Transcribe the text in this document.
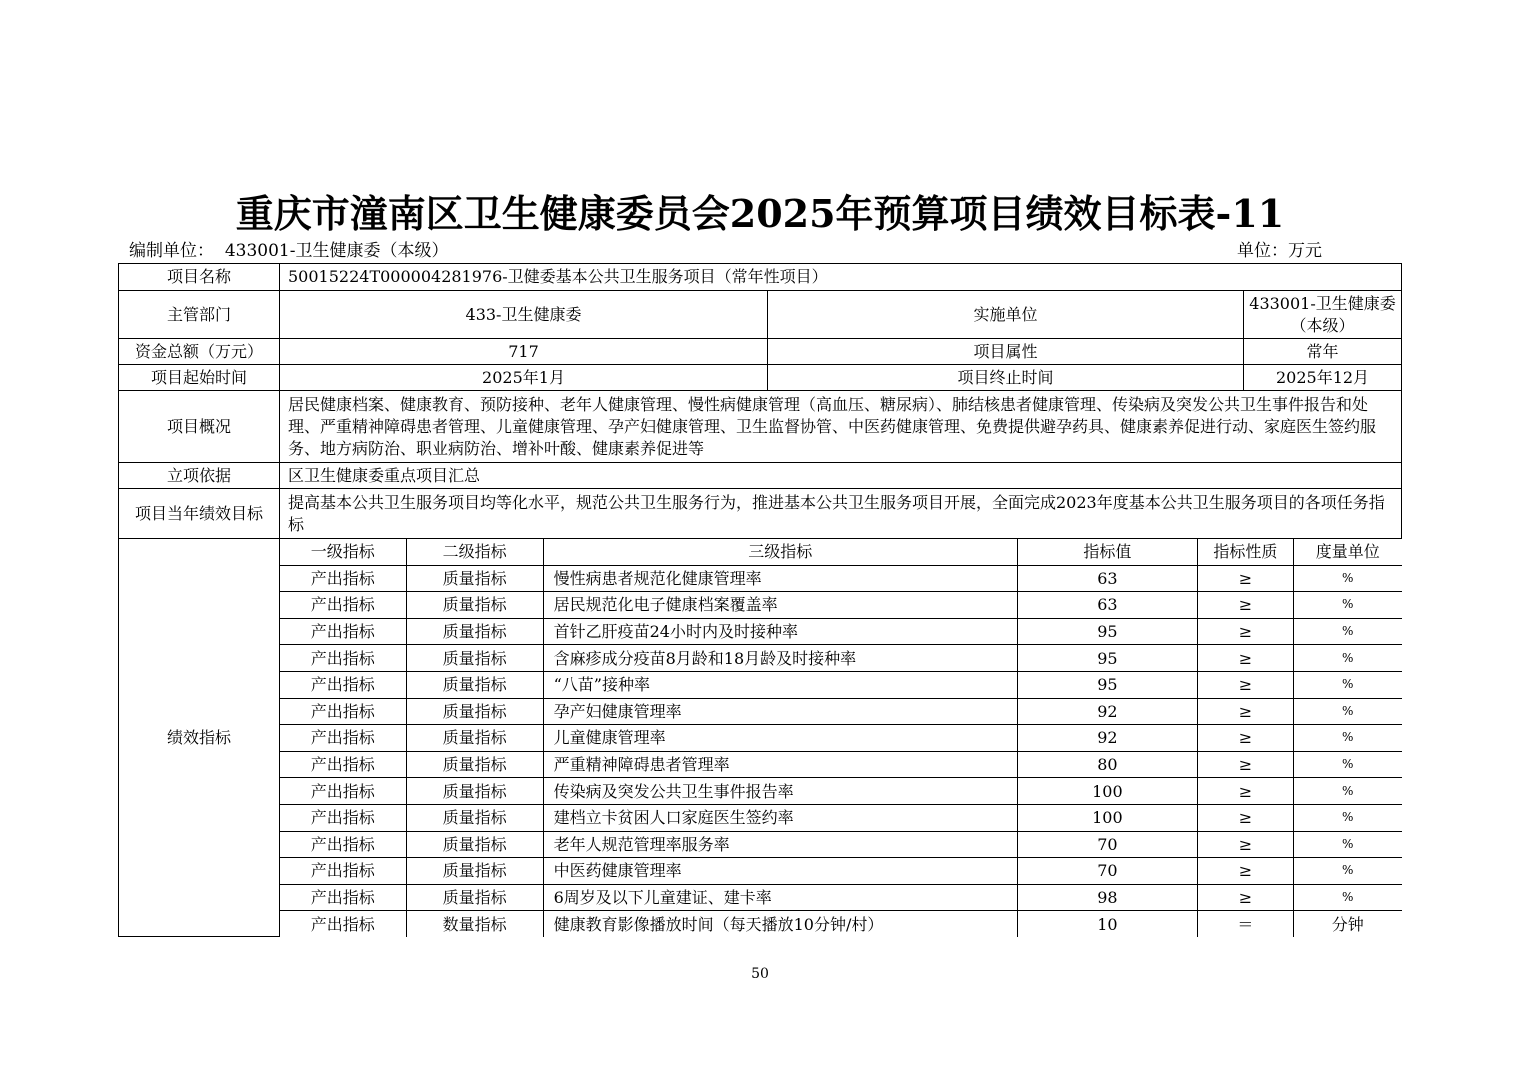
重庆市潼南区卫生健康委员会2025年预算项目绩效目标表-11
编制单位： 433001-卫生健康委（本级）	单位：万元
项目名称	50015224T000004281976-卫健委基本公共卫生服务项目（常年性项目）
主管部门	433-卫生健康委	实施单位	433001-卫生健康委（本级）
资金总额（万元）	717	项目属性	常年
项目起始时间	2025年1月	项目终止时间	2025年12月
项目概况	居民健康档案、健康教育、预防接种、老年人健康管理、慢性病健康管理（高血压、糖尿病）、肺结核患者健康管理、传染病及突发公共卫生事件报告和处理、严重精神障碍患者管理、儿童健康管理、孕产妇健康管理、卫生监督协管、中医药健康管理、免费提供避孕药具、健康素养促进行动、家庭医生签约服务、地方病防治、职业病防治、增补叶酸、健康素养促进等
立项依据	区卫生健康委重点项目汇总
项目当年绩效目标	提高基本公共卫生服务项目均等化水平，规范公共卫生服务行为，推进基本公共卫生服务项目开展，全面完成2023年度基本公共卫生服务项目的各项任务指标
绩效指标	
一级指标	二级指标	三级指标	指标值	指标性质	度量单位
产出指标	质量指标	慢性病患者规范化健康管理率	63	≥	%
产出指标	质量指标	居民规范化电子健康档案覆盖率	63	≥	%
产出指标	质量指标	首针乙肝疫苗24小时内及时接种率	95	≥	%
产出指标	质量指标	含麻疹成分疫苗8月龄和18月龄及时接种率	95	≥	%
产出指标	质量指标	“八苗”接种率	95	≥	%
产出指标	质量指标	孕产妇健康管理率	92	≥	%
产出指标	质量指标	儿童健康管理率	92	≥	%
产出指标	质量指标	严重精神障碍患者管理率	80	≥	%
产出指标	质量指标	传染病及突发公共卫生事件报告率	100	≥	%
产出指标	质量指标	建档立卡贫困人口家庭医生签约率	100	≥	%
产出指标	质量指标	老年人规范管理率服务率	70	≥	%
产出指标	质量指标	中医药健康管理率	70	≥	%
产出指标	质量指标	6周岁及以下儿童建证、建卡率	98	≥	%
产出指标	数量指标	健康教育影像播放时间（每天播放10分钟/村）	10	＝	分钟
50
